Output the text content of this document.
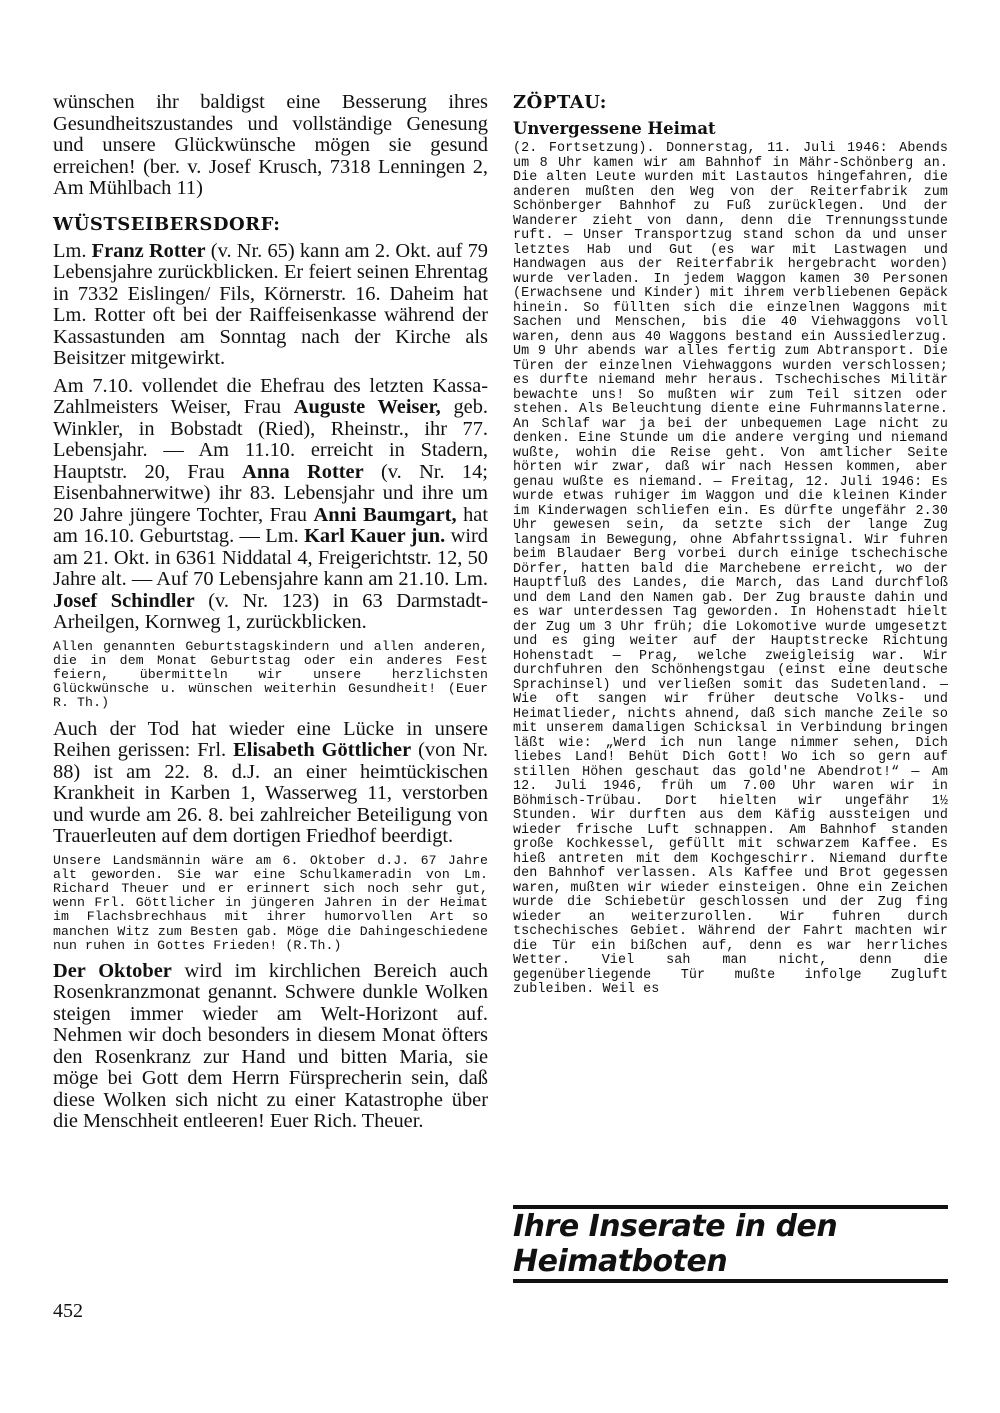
wünschen ihr baldigst eine Besserung ihres Gesundheitszustandes und vollständige Genesung und unsere Glückwünsche mögen sie gesund erreichen! (ber. v. Josef Krusch, 7318 Lenningen 2, Am Mühlbach 11)

WÜSTSEIBERSDORF:

Lm. Franz Rotter (v. Nr. 65) kann am 2. Okt. auf 79 Lebensjahre zurückblicken. Er feiert seinen Ehrentag in 7332 Eislingen/ Fils, Körnerstr. 16. Daheim hat Lm. Rotter oft bei der Raiffeisenkasse während der Kassastunden am Sonntag nach der Kirche als Beisitzer mitgewirkt.

Am 7.10. vollendet die Ehefrau des letzten Kassa-Zahlmeisters Weiser, Frau Auguste Weiser, geb. Winkler, in Bobstadt (Ried), Rheinstr., ihr 77. Lebensjahr. — Am 11.10. erreicht in Stadern, Hauptstr. 20, Frau Anna Rotter (v. Nr. 14; Eisenbahnerwitwe) ihr 83. Lebensjahr und ihre um 20 Jahre jüngere Tochter, Frau Anni Baumgart, hat am 16.10. Geburtstag. — Lm. Karl Kauer jun. wird am 21. Okt. in 6361 Niddatal 4, Freigerichtstr. 12, 50 Jahre alt. — Auf 70 Lebensjahre kann am 21.10. Lm. Josef Schindler (v. Nr. 123) in 63 Darmstadt-Arheilgen, Kornweg 1, zurückblicken.

Allen genannten Geburtstagskindern und allen anderen, die in dem Monat Geburtstag oder ein anderes Fest feiern, übermitteln wir unsere herzlichsten Glückwünsche u. wünschen weiterhin Gesundheit! (Euer R. Th.)

Auch der Tod hat wieder eine Lücke in unsere Reihen gerissen: Frl. Elisabeth Göttlicher (von Nr. 88) ist am 22. 8. d.J. an einer heimtückischen Krankheit in Karben 1, Wasserweg 11, verstorben und wurde am 26. 8. bei zahlreicher Beteiligung von Trauerleuten auf dem dortigen Friedhof beerdigt.

Unsere Landsmännin wäre am 6. Oktober d.J. 67 Jahre alt geworden. Sie war eine Schulkameradin von Lm. Richard Theuer und er erinnert sich noch sehr gut, wenn Frl. Göttlicher in jüngeren Jahren in der Heimat im Flachsbrechhaus mit ihrer humorvollen Art so manchen Witz zum Besten gab. Möge die Dahingeschiedene nun ruhen in Gottes Frieden! (R.Th.)

Der Oktober wird im kirchlichen Bereich auch Rosenkranzmonat genannt. Schwere dunkle Wolken steigen immer wieder am Welt-Horizont auf. Nehmen wir doch besonders in diesem Monat öfters den Rosenkranz zur Hand und bitten Maria, sie möge bei Gott dem Herrn Fürsprecherin sein, daß diese Wolken sich nicht zu einer Katastrophe über die Menschheit entleeren! Euer Rich. Theuer.

ZÖPTAU:
Unvergessene Heimat

(2. Fortsetzung). Donnerstag, 11. Juli 1946: Abends um 8 Uhr kamen wir am Bahnhof in Mähr-Schönberg an. Die alten Leute wurden mit Lastautos hingefahren, die anderen mußten den Weg von der Reiterfabrik zum Schönberger Bahnhof zu Fuß zurücklegen. Und der Wanderer zieht von dann, denn die Trennungsstunde ruft. — Unser Transportzug stand schon da und unser letztes Hab und Gut (es war mit Lastwagen und Handwagen aus der Reiterfabrik hergebracht worden) wurde verladen. In jedem Waggon kamen 30 Personen (Erwachsene und Kinder) mit ihrem verbliebenen Gepäck hinein. So füllten sich die einzelnen Waggons mit Sachen und Menschen, bis die 40 Viehwaggons voll waren, denn aus 40 Waggons bestand ein Aussiedlerzug. Um 9 Uhr abends war alles fertig zum Abtransport. Die Türen der einzelnen Viehwaggons wurden verschlossen; es durfte niemand mehr heraus. Tschechisches Militär bewachte uns! So mußten wir zum Teil sitzen oder stehen. Als Beleuchtung diente eine Fuhrmannslaterne. An Schlaf war ja bei der unbequemen Lage nicht zu denken. Eine Stunde um die andere verging und niemand wußte, wohin die Reise geht. Von amtlicher Seite hörten wir zwar, daß wir nach Hessen kommen, aber genau wußte es niemand. — Freitag, 12. Juli 1946: Es wurde etwas ruhiger im Waggon und die kleinen Kinder im Kinderwagen schliefen ein. Es dürfte ungefähr 2.30 Uhr gewesen sein, da setzte sich der lange Zug langsam in Bewegung, ohne Abfahrtssignal. Wir fuhren beim Blaudaer Berg vorbei durch einige tschechische Dörfer, hatten bald die Marchebene erreicht, wo der Hauptfluß des Landes, die March, das Land durchfloß und dem Land den Namen gab. Der Zug brauste dahin und es war unterdessen Tag geworden. In Hohenstadt hielt der Zug um 3 Uhr früh; die Lokomotive wurde umgesetzt und es ging weiter auf der Hauptstrecke Richtung Hohenstadt — Prag, welche zweigleisig war. Wir durchfuhren den Schönhengstgau (einst eine deutsche Sprachinsel) und verließen somit das Sudetenland. — Wie oft sangen wir früher deutsche Volks- und Heimatlieder, nichts ahnend, daß sich manche Zeile so mit unserem damaligen Schicksal in Verbindung bringen läßt wie: „Werd ich nun lange nimmer sehen, Dich liebes Land! Behüt Dich Gott! Wo ich so gern auf stillen Höhen geschaut das gold'ne Abendrot!“ — Am 12. Juli 1946, früh um 7.00 Uhr waren wir in Böhmisch-Trübau. Dort hielten wir ungefähr 1½ Stunden. Wir durften aus dem Käfig aussteigen und wieder frische Luft schnappen. Am Bahnhof standen große Kochkessel, gefüllt mit schwarzem Kaffee. Es hieß antreten mit dem Kochgeschirr. Niemand durfte den Bahnhof verlassen. Als Kaffee und Brot gegessen waren, mußten wir wieder einsteigen. Ohne ein Zeichen wurde die Schiebetür geschlossen und der Zug fing wieder an weiterzurollen. Wir fuhren durch tschechisches Gebiet. Während der Fahrt machten wir die Tür ein bißchen auf, denn es war herrliches Wetter. Viel sah man nicht, denn die gegenüberliegende Tür mußte infolge Zugluft zubleiben. Weil es

Ihre Inserate in den Heimatboten
452
